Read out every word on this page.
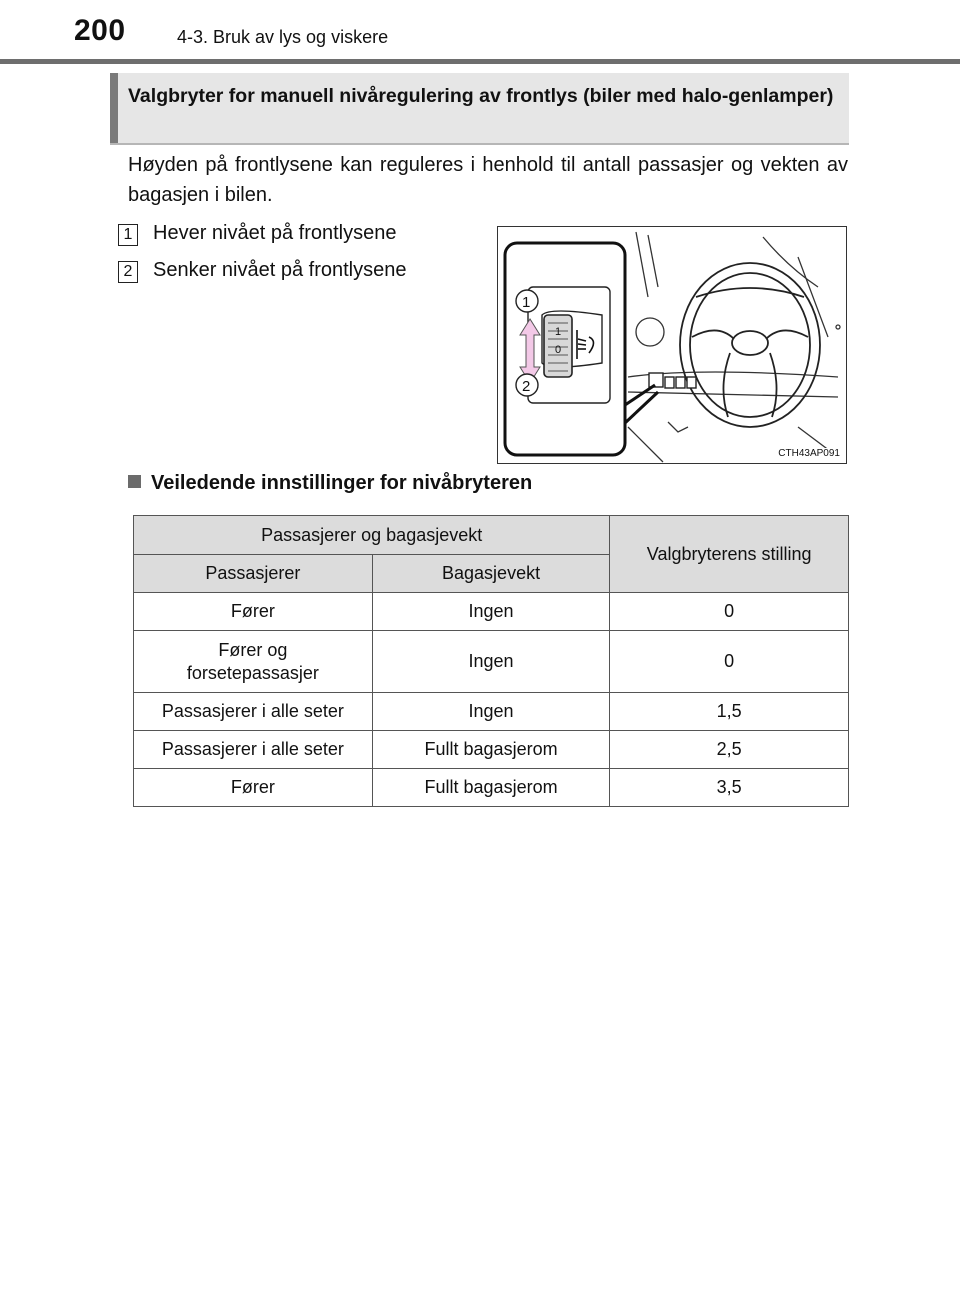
200	4-3. Bruk av lys og viskere
Valgbryter for manuell nivåregulering av frontlys (biler med halo-genlamper)
Høyden på frontlysene kan reguleres i henhold til antall passasjer og vekten av bagasjen i bilen.
1 Hever nivået på frontlysene
2 Senker nivået på frontlysene
1
0
1
2
CTH43AP091
Veiledende innstillinger for nivåbryteren
Passasjerer og bagasjevekt		Valgbryterens stilling
Passasjerer	Bagasjevekt	
Fører	Ingen	0
Fører og forsetepassasjer	Ingen	0
Passasjerer i alle seter	Ingen	1,5
Passasjerer i alle seter	Fullt bagasjerom	2,5
Fører	Fullt bagasjerom	3,5
